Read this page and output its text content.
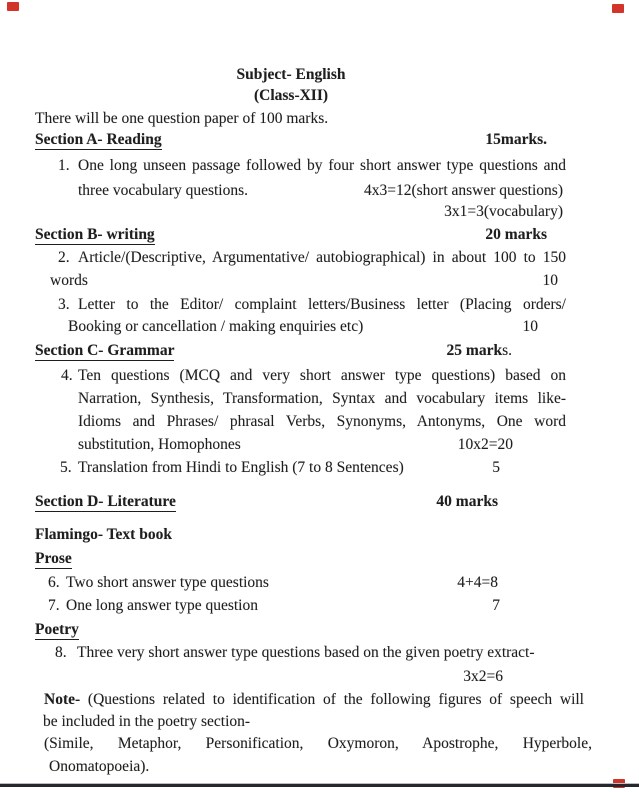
Subject- English
(Class-XII)
There will be one question paper of 100 marks.
Section A- Reading	15marks.
1. One long unseen passage followed by four short answer type questions and
three vocabulary questions.	4x3=12(short answer questions)
3x1=3(vocabulary)
Section B- writing	20 marks
2. Article/(Descriptive, Argumentative/ autobiographical) in about 100 to 150
words	10
3. Letter to the Editor/ complaint letters/Business letter (Placing orders/
Booking or cancellation / making enquiries etc)	10
Section C- Grammar	25 marks.
4. Ten questions (MCQ and very short answer type questions) based on
Narration, Synthesis, Transformation, Syntax and vocabulary items like-
Idioms and Phrases/ phrasal Verbs, Synonyms, Antonyms, One word
substitution, Homophones	10x2=20
5. Translation from Hindi to English (7 to 8 Sentences)	5
Section D- Literature	40 marks
Flamingo- Text book
Prose
6. Two short answer type questions	4+4=8
7. One long answer type question	7
Poetry
8. Three very short answer type questions based on the given poetry extract-
3x2=6
Note- (Questions related to identification of the following figures of speech will
be included in the poetry section-
(Simile, Metaphor, Personification, Oxymoron, Apostrophe, Hyperbole,
Onomatopoeia).
